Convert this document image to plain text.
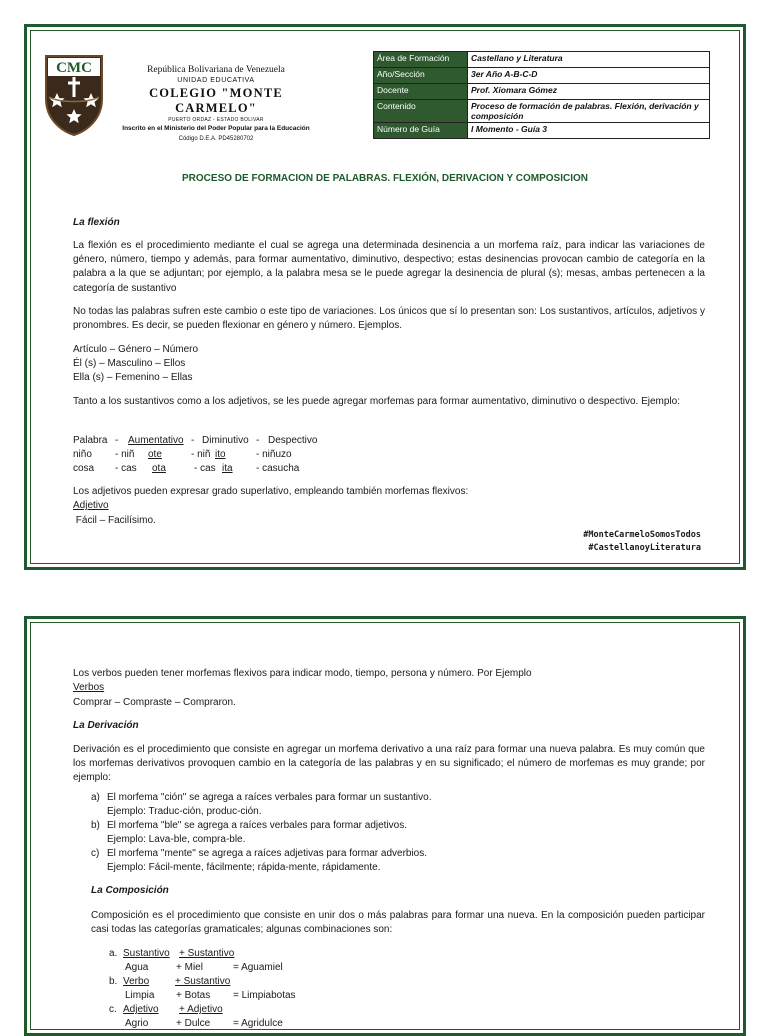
CMC	República Bolivariana de Venezuela
UNIDAD EDUCATIVA
COLEGIO "MONTE CARMELO"
PUERTO ORDAZ - ESTADO BOLIVAR
Inscrito en el Ministerio del Poder Popular para la Educación
Código D.E.A. PD45280702
Área de Formación	Castellano y Literatura
Año/Sección	3er Año A-B-C-D
Docente	Prof. Xiomara Gómez
Contenido	Proceso de formación de palabras. Flexión, derivación y composición
Número de Guía	I Momento - Guía 3
PROCESO DE FORMACION DE PALABRAS. FLEXIÓN, DERIVACION Y COMPOSICION
La flexión
La flexión es el procedimiento mediante el cual se agrega una determinada desinencia a un morfema raíz, para indicar las variaciones de género, número, tiempo y además, para formar aumentativo, diminutivo, despectivo; estas desinencias provocan cambio de categoría en la palabra a la que se adjuntan; por ejemplo, a la palabra mesa se le puede agregar la desinencia de plural (s); mesas, ambas pertenecen a la categoría de sustantivo
No todas las palabras sufren este cambio o este tipo de variaciones. Los únicos que sí lo presentan son: Los sustantivos, artículos, adjetivos y pronombres. Es decir, se pueden flexionar en género y número. Ejemplos.
Artículo – Género – Número
Él (s) – Masculino – Ellos
Ella (s) – Femenino – Ellas
Tanto a los sustantivos como a los adjetivos, se les puede agregar morfemas para formar aumentativo, diminutivo o despectivo. Ejemplo:
Palabra - Aumentativo - Diminutivo - Despectivo
niño - niñ ote	- niñ ito	- niñuzo
cosa - cas ota	- cas ita - casucha
Los adjetivos pueden expresar grado superlativo, empleando también morfemas flexivos:
Adjetivo
Fácil – Facilísimo.
#MonteCarmeloSomosTodos
#CastellanoyLiteratura
Los verbos pueden tener morfemas flexivos para indicar modo, tiempo, persona y número. Por Ejemplo
Verbos
Comprar – Compraste – Compraron.
La Derivación
Derivación es el procedimiento que consiste en agregar un morfema derivativo a una raíz para formar una nueva palabra. Es muy común que los morfemas derivativos provoquen cambio en la categoría de las palabras y en su significado; el número de morfemas es muy grande; por ejemplo:
a) El morfema "ción" se agrega a raíces verbales para formar un sustantivo.
Ejemplo: Traduc-ción, produc-ción.
b) El morfema "ble" se agrega a raíces verbales para formar adjetivos.
Ejemplo: Lava-ble, compra-ble.
c) El morfema "mente" se agrega a raíces adjetivas para formar adverbios.
Ejemplo: Fácil-mente, fácilmente; rápida-mente, rápidamente.
La Composición
Composición es el procedimiento que consiste en unir dos o más palabras para formar una nueva. En la composición pueden participar casi todas las categorías gramaticales; algunas combinaciones son:
a. Sustantivo + Sustantivo
Agua	+ Miel	= Aguamiel
b. Verbo	+ Sustantivo
Limpia + Botas = Limpiabotas
c. Adjetivo	+ Adjetivo
Agrio	+ Dulce = Agridulce
